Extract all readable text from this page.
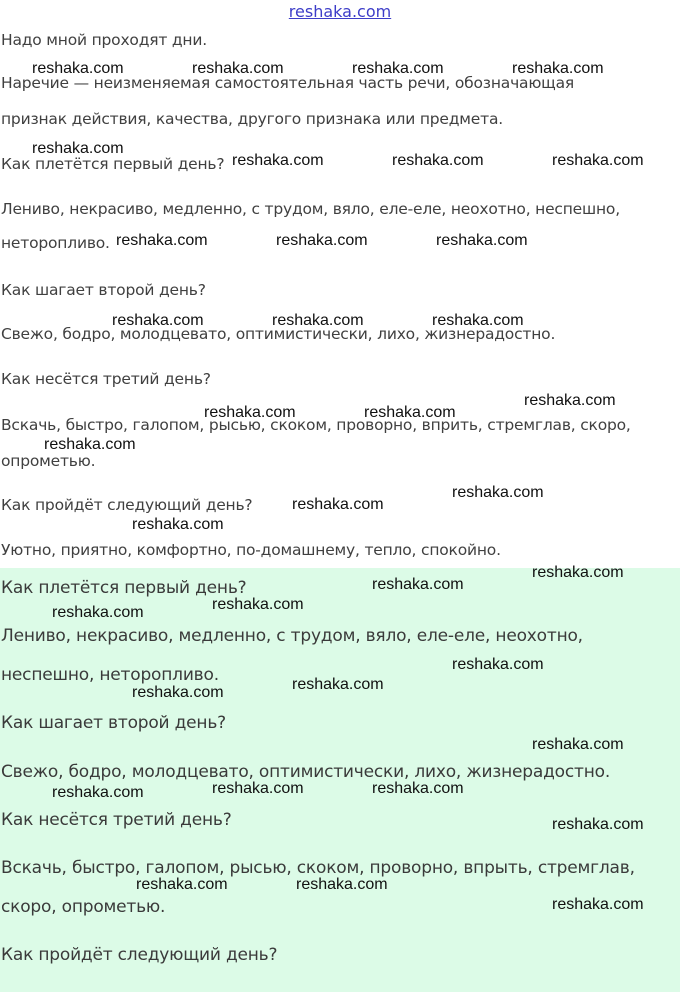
reshaka.com
Надо мной проходят дни.
Наречие — неизменяемая самостоятельная часть речи, обозначающая
признак действия, качества, другого признака или предмета.
Как плетётся первый день?
Лениво, некрасиво, медленно, с трудом, вяло, еле-еле, неохотно, неспешно,
неторопливо.
Как шагает второй день?
Свежо, бодро, молодцевато, оптимистически, лихо, жизнерадостно.
Как несётся третий день?
Вскачь, быстро, галопом, рысью, скоком, проворно, вприть, стремглав, скоро,
опрометью.
Как пройдёт следующий день?
Уютно, приятно, комфортно, по-домашнему, тепло, спокойно.
Как плетётся первый день?
Лениво, некрасиво, медленно, с трудом, вяло, еле-еле, неохотно,
неспешно, неторопливо.
Как шагает второй день?
Свежо, бодро, молодцевато, оптимистически, лихо, жизнерадостно.
Как несётся третий день?
Вскачь, быстро, галопом, рысью, скоком, проворно, впрыть, стремглав,
скоро, опрометью.
Как пройдёт следующий день?
reshaka.com	reshaka.com	reshaka.com	reshaka.com
reshaka.com
reshaka.com	reshaka.com	reshaka.com
reshaka.com	reshaka.com	reshaka.com
reshaka.com	reshaka.com	reshaka.com
reshaka.com
reshaka.com	reshaka.com
reshaka.com
reshaka.com
reshaka.com
reshaka.com
reshaka.com
reshaka.com
reshaka.com
reshaka.com
reshaka.com
reshaka.com
reshaka.com
reshaka.com
reshaka.com	reshaka.com
reshaka.com
reshaka.com
reshaka.com	reshaka.com
reshaka.com
